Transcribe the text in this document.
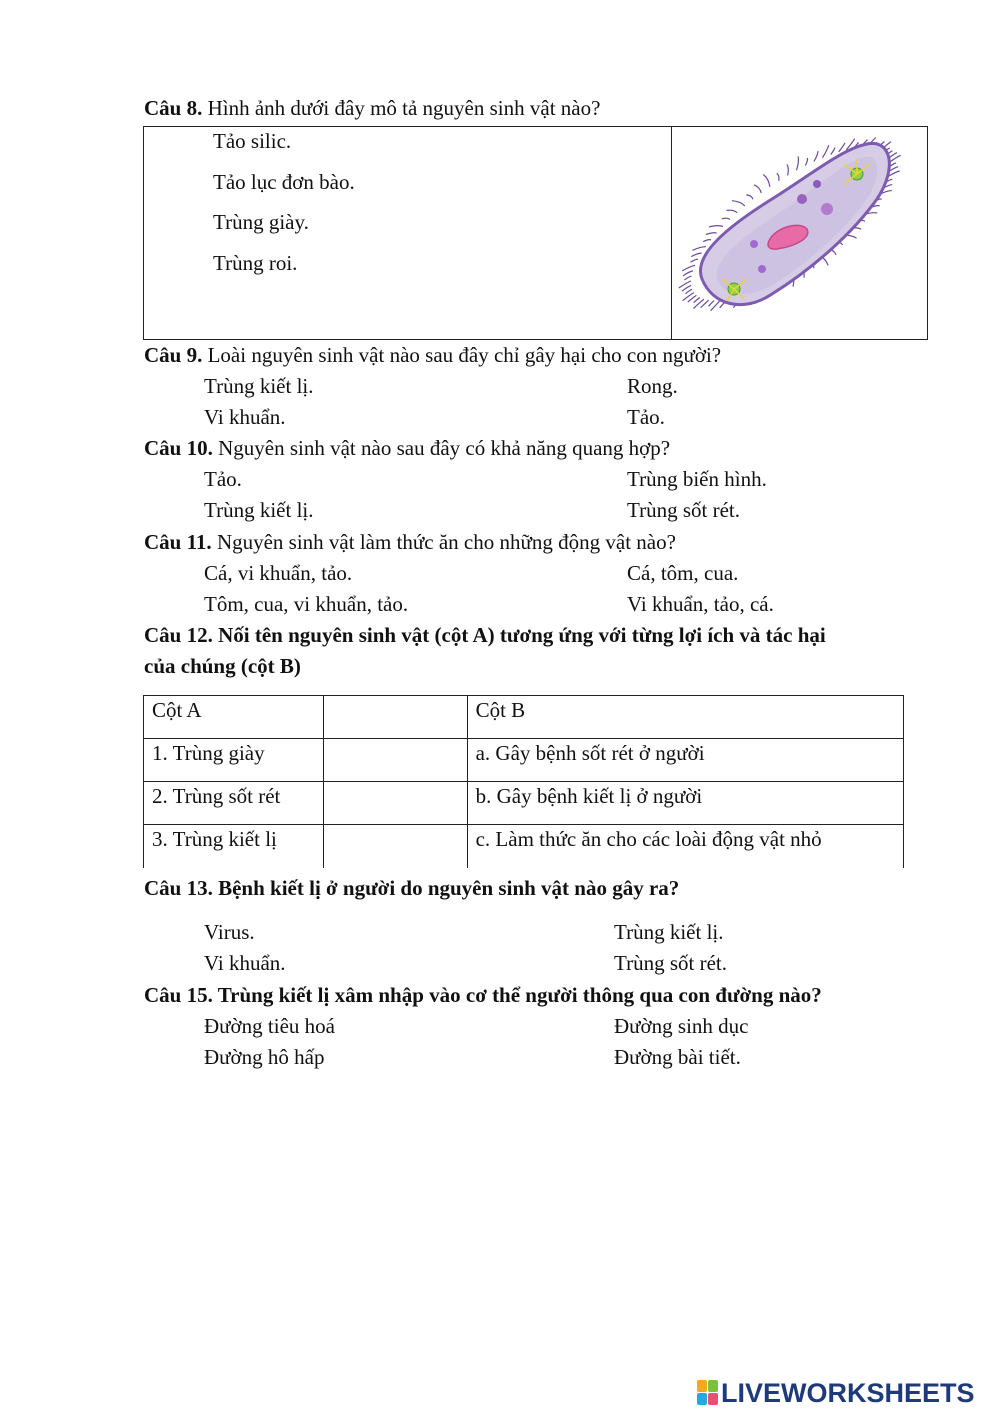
Câu 8. Hình ảnh dưới đây mô tả nguyên sinh vật nào?
Tảo silic.
Tảo lục đơn bào.
Trùng giày.
Trùng roi.
Câu 9. Loài nguyên sinh vật nào sau đây chỉ gây hại cho con người?
Trùng kiết lị.	Rong.
Vi khuẩn.	Tảo.
Câu 10. Nguyên sinh vật nào sau đây có khả năng quang hợp?
Tảo.	Trùng biến hình.
Trùng kiết lị.	Trùng sốt rét.
Câu 11. Nguyên sinh vật làm thức ăn cho những động vật nào?
Cá, vi khuẩn, tảo.	Cá, tôm, cua.
Tôm, cua, vi khuẩn, tảo.	Vi khuẩn, tảo, cá.
Câu 12. Nối tên nguyên sinh vật (cột A) tương ứng với từng lợi ích và tác hại
của chúng (cột B)
Cột A		Cột B
1. Trùng giày		a. Gây bệnh sốt rét ở người
2. Trùng sốt rét		b. Gây bệnh kiết lị ở người
3. Trùng kiết lị		c. Làm thức ăn cho các loài động vật nhỏ
Câu 13. Bệnh kiết lị ở người do nguyên sinh vật nào gây ra?
Virus.	Trùng kiết lị.
Vi khuẩn.	Trùng sốt rét.
Câu 15. Trùng kiết lị xâm nhập vào cơ thể người thông qua con đường nào?
Đường tiêu hoá	Đường sinh dục
Đường hô hấp	Đường bài tiết.
LIVEWORKSHEETS
